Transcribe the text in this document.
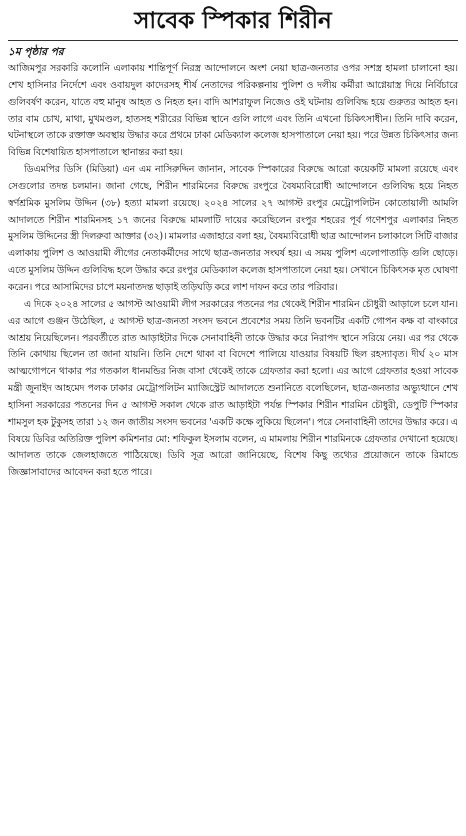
সাবেক স্পিকার শিরীন

১ম পৃষ্ঠার পর

আজিমপুর সরকারি কলোনি এলাকায় শান্তিপূর্ণ নিরস্ত্র আন্দোলনে অংশ নেয়া ছাত্র-জনতার ওপর সশস্ত্র হামলা চালানো হয়। শেখ হাসিনার নির্দেশে এবং ওবায়দুল কাদেরসহ শীর্ষ নেতাদের পরিকল্পনায় পুলিশ ও দলীয় কর্মীরা আগ্নেয়াস্ত্র দিয়ে নির্বিচারে গুলিবর্ষণ করেন, যাতে বহু মানুষ আহত ও নিহত হন। বাদি আশরাফুল নিজেও ওই ঘটনায় গুলিবিদ্ধ হয়ে গুরুতর আহত হন। তার বাম চোখ, মাথা, মুখমণ্ডল, হাতসহ শরীরের বিভিন্ন স্থানে গুলি লাগে এবং তিনি এখনো চিকিৎসাধীন। তিনি দাবি করেন, ঘটনাস্থলে তাকে রক্তাক্ত অবস্থায় উদ্ধার করে প্রথমে ঢাকা মেডিক্যাল কলেজ হাসপাতালে নেয়া হয়। পরে উন্নত চিকিৎসার জন্য বিভিন্ন বিশেষায়িত হাসপাতালে স্থানান্তর করা হয়।

ডিএমপির ডিসি (মিডিয়া) এন এম নাসিরুদ্দিন জানান, সাবেক স্পিকারের বিরুদ্ধে আরো কয়েকটি মামলা রয়েছে এবং সেগুলোর তদন্ত চলমান। জানা গেছে, শিরীন শারমিনের বিরুদ্ধে রংপুরে বৈষম্যবিরোধী আন্দোলনে গুলিবিদ্ধ হয়ে নিহত স্বর্ণশ্রমিক মুসলিম উদ্দিন (৩৮) হত্যা মামলা রয়েছে। ২০২৪ সালের ২৭ আগস্ট রংপুর মেট্রোপলিটন কোতোয়ালী আমলি আদালতে শিরীন শারমিনসহ ১৭ জনের বিরুদ্ধে মামলাটি দায়ের করেছিলেন রংপুর শহরের পূর্ব গণেশপুর এলাকার নিহত মুসলিম উদ্দিনের স্ত্রী দিলরুবা আক্তার (৩২)। মামলার এজাহারে বলা হয়, বৈষম্যবিরোধী ছাত্র আন্দোলন চলাকালে সিটি বাজার এলাকায় পুলিশ ও আওয়ামী লীগের নেতাকর্মীদের সাথে ছাত্র-জনতার সংঘর্ষ হয়। এ সময় পুলিশ এলোপাতাড়ি গুলি ছোড়ে। এতে মুসলিম উদ্দিন গুলিবিদ্ধ হলে উদ্ধার করে রংপুর মেডিক্যাল কলেজ হাসপাতালে নেয়া হয়। সেখানে চিকিৎসক মৃত ঘোষণা করেন। পরে আসামিদের চাপে ময়নাতদন্ত ছাড়াই তড়িঘড়ি করে লাশ দাফন করে তার পরিবার।

এ দিকে ২০২৪ সালের ৫ আগস্ট আওয়ামী লীগ সরকারের পতনের পর থেকেই শিরীন শারমিন চৌধুরী আড়ালে চলে যান। এর আগে গুঞ্জন উঠেছিল, ৫ আগস্ট ছাত্র-জনতা সংসদ ভবনে প্রবেশের সময় তিনি ভবনটির একটি গোপন কক্ষ বা বাংকারে আশ্রয় নিয়েছিলেন। পরবর্তীতে রাত আড়াইটার দিকে সেনাবাহিনী তাকে উদ্ধার করে নিরাপদ স্থানে সরিয়ে নেয়। এর পর থেকে তিনি কোথায় ছিলেন তা জানা যায়নি। তিনি দেশে থাকা বা বিদেশে পালিয়ে যাওয়ার বিষয়টি ছিল রহস্যাবৃত। দীর্ঘ ২০ মাস আত্মগোপনে থাকার পর গতকাল ধানমন্ডির নিজ বাসা থেকেই তাকে গ্রেফতার করা হলো। এর আগে গ্রেফতার হওয়া সাবেক মন্ত্রী জুনাইদ আহমেদ পলক ঢাকার মেট্রোপলিটন ম্যাজিস্ট্রেট আদালতে শুনানিতে বলেছিলেন, ছাত্র-জনতার অভ্যুত্থানে শেখ হাসিনা সরকারের পতনের দিন ৫ আগস্ট সকাল থেকে রাত আড়াইটা পর্যন্ত স্পিকার শিরীন শারমিন চৌধুরী, ডেপুটি স্পিকার শামসুল হক টুকুসহ তারা ১২ জন জাতীয় সংসদ ভবনের 'একটি কক্ষে লুকিয়ে ছিলেন'। পরে সেনাবাহিনী তাদের উদ্ধার করে। এ বিষয়ে ডিবির অতিরিক্ত পুলিশ কমিশনার মো: শফিকুল ইসলাম বলেন, এ মামলায় শিরীন শারমিনকে গ্রেফতার দেখানো হয়েছে। আদালত তাকে জেলহাজতে পাঠিয়েছে। ডিবি সূত্র আরো জানিয়েছে, বিশেষ কিছু তথ্যের প্রয়োজনে তাকে রিমান্ডে জিজ্ঞাসাবাদের আবেদন করা হতে পারে।
